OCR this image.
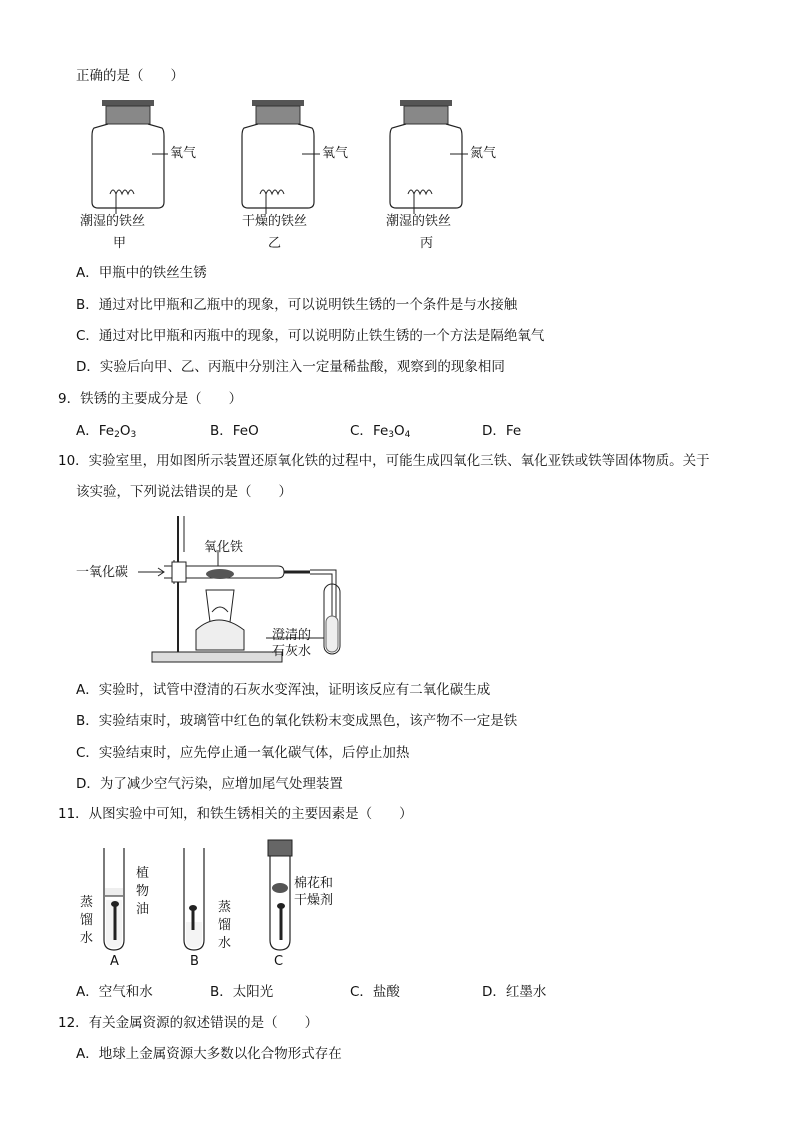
正确的是（　　）
氧气	氧气	氮气
潮湿的铁丝	干燥的铁丝	潮湿的铁丝
甲	乙	丙
A．甲瓶中的铁丝生锈
B．通过对比甲瓶和乙瓶中的现象，可以说明铁生锈的一个条件是与水接触
C．通过对比甲瓶和丙瓶中的现象，可以说明防止铁生锈的一个方法是隔绝氧气
D．实验后向甲、乙、丙瓶中分别注入一定量稀盐酸，观察到的现象相同
9．铁锈的主要成分是（　　）
A．$Fe_2O_3$	B．FeO	C．$Fe_3O_4$	D．Fe
10．实验室里，用如图所示装置还原氧化铁的过程中，可能生成四氧化三铁、氧化亚铁或铁等固体物质。关于
该实验，下列说法错误的是（　　）
一氧化碳
氧化铁
澄清的
石灰水
A．实验时，试管中澄清的石灰水变浑浊，证明该反应有二氧化碳生成
B．实验结束时，玻璃管中红色的氧化铁粉末变成黑色，该产物不一定是铁
C．实验结束时，应先停止通一氧化碳气体，后停止加热
D．为了减少空气污染，应增加尾气处理装置
11．从图实验中可知，和铁生锈相关的主要因素是（　　）
植
物
油
蒸
馏
水
蒸
馏
水
棉花和
干燥剂
A	B	C
A．空气和水	B．太阳光	C．盐酸	D．红墨水
12．有关金属资源的叙述错误的是（　　）
A．地球上金属资源大多数以化合物形式存在
